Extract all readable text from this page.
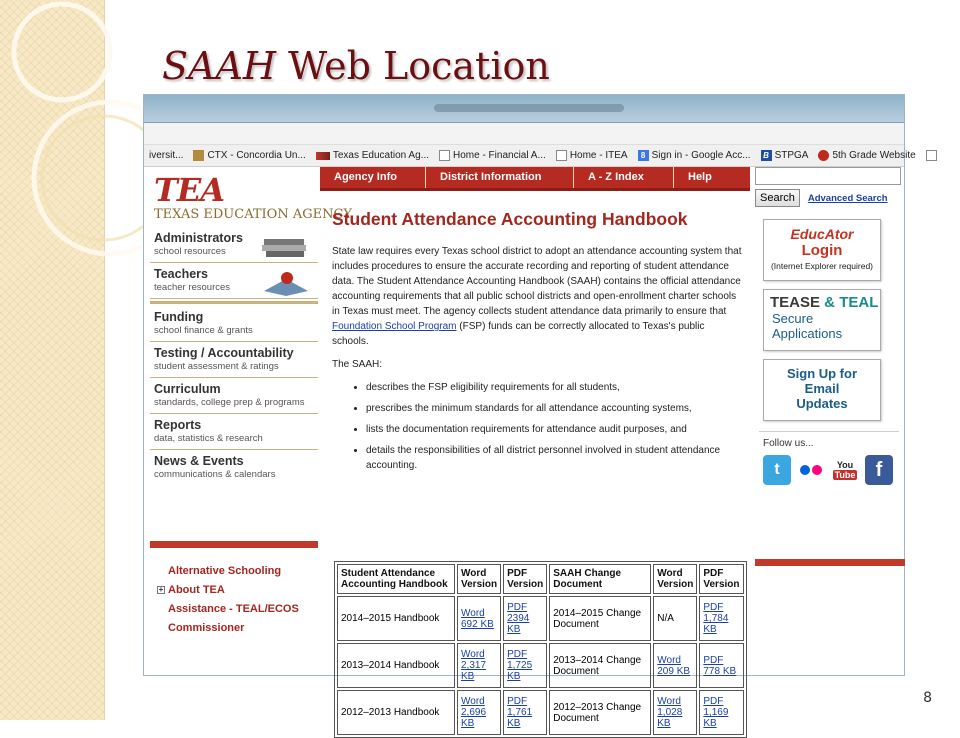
SAAH Web Location
8
iversit... CTX - Concordia Un...	Texas Education Ag... Home - Financial A... Home - ITEA	8 Sign in - Google Acc...	B STPGA 5th Grade Website
TEA
TEXAS EDUCATION AGENCY
Administrators
school resources
Teachers
teacher resources
Funding
school finance & grants
Testing / Accountability
student assessment & ratings
Curriculum
standards, college prep & programs
Reports
data, statistics & research
News & Events
communications & calendars
Alternative Schooling
+ About TEA
Assistance - TEAL/ECOS
Commissioner
Agency Info	District Information	A - Z Index	Help
Student Attendance Accounting Handbook

State law requires every Texas school district to adopt an attendance accounting system that includes procedures to ensure the accurate recording and reporting of student attendance data. The Student Attendance Accounting Handbook (SAAH) contains the official attendance accounting requirements that all public school districts and open-enrollment charter schools in Texas must meet. The agency collects student attendance data primarily to ensure that Foundation School Program (FSP) funds can be correctly allocated to Texas's public schools.

The SAAH:

• describes the FSP eligibility requirements for all students,
• prescribes the minimum standards for all attendance accounting systems,
• lists the documentation requirements for attendance audit purposes, and
• details the responsibilities of all district personnel involved in student attendance accounting.
Student Attendance Accounting Handbook	Word Version	PDF Version	SAAH Change Document	Word Version	PDF Version
2014–2015 Handbook	Word 692 KB	PDF 2394 KB	2014–2015 Change Document	N/A	PDF 1,784 KB
2013–2014 Handbook	Word 2,317 KB	PDF 1,725 KB	2013–2014 Change Document	Word 209 KB	PDF 778 KB
2012–2013 Handbook	Word 2,696 KB	PDF 1,761 KB	2012–2013 Change Document	Word 1,028 KB	PDF 1,169 KB
Search	Advanced Search
EducAtor
Login
(Internet Explorer required)
TEASE & TEAL
Secure
Applications
Sign Up for
Email
Updates
Follow us...
t	You
Tube	f
